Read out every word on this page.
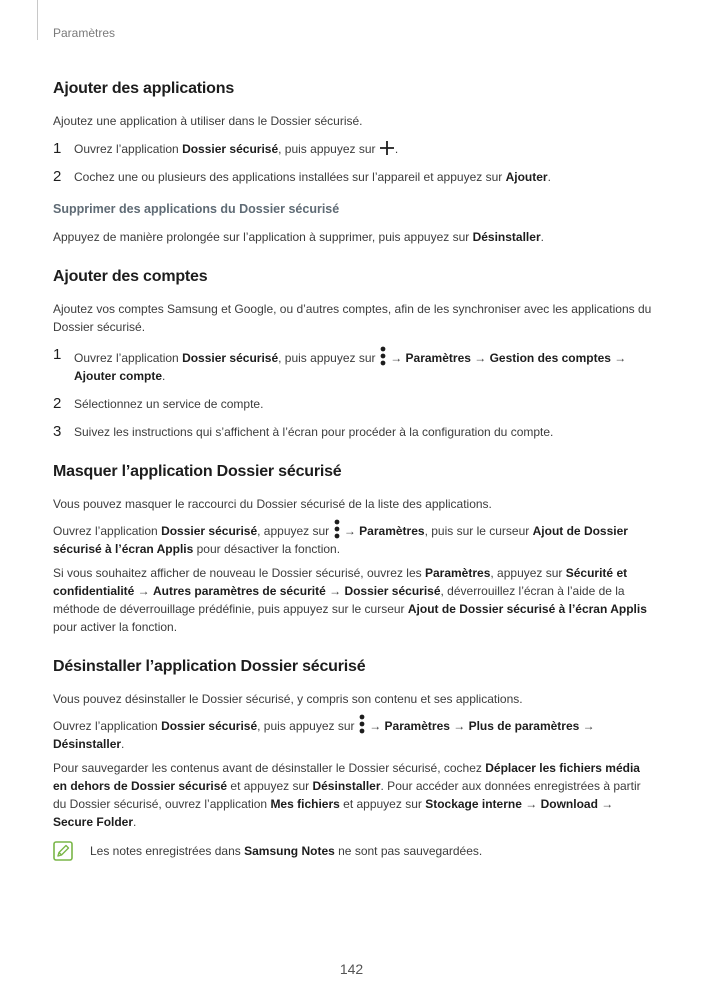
Paramètres
Ajouter des applications

Ajoutez une application à utiliser dans le Dossier sécurisé.

1	Ouvrez l’application Dossier sécurisé, puis appuyez sur .
2	Cochez une ou plusieurs des applications installées sur l’appareil et appuyez sur Ajouter.
Supprimer des applications du Dossier sécurisé

Appuyez de manière prolongée sur l’application à supprimer, puis appuyez sur Désinstaller.

Ajouter des comptes

Ajoutez vos comptes Samsung et Google, ou d’autres comptes, afin de les synchroniser avec les applications du Dossier sécurisé.

1	Ouvrez l’application Dossier sécurisé, puis appuyez sur  → Paramètres → Gestion des comptes → Ajouter compte.
2	Sélectionnez un service de compte.
3	Suivez les instructions qui s’affichent à l’écran pour procéder à la configuration du compte.
Masquer l’application Dossier sécurisé

Vous pouvez masquer le raccourci du Dossier sécurisé de la liste des applications.

Ouvrez l’application Dossier sécurisé, appuyez sur  → Paramètres, puis sur le curseur Ajout de Dossier sécurisé à l’écran Applis pour désactiver la fonction.

Si vous souhaitez afficher de nouveau le Dossier sécurisé, ouvrez les Paramètres, appuyez sur Sécurité et confidentialité → Autres paramètres de sécurité → Dossier sécurisé, déverrouillez l’écran à l’aide de la méthode de déverrouillage prédéfinie, puis appuyez sur le curseur Ajout de Dossier sécurisé à l’écran Applis pour activer la fonction.

Désinstaller l’application Dossier sécurisé

Vous pouvez désinstaller le Dossier sécurisé, y compris son contenu et ses applications.

Ouvrez l’application Dossier sécurisé, puis appuyez sur  → Paramètres → Plus de paramètres → Désinstaller.

Pour sauvegarder les contenus avant de désinstaller le Dossier sécurisé, cochez Déplacer les fichiers média en dehors de Dossier sécurisé et appuyez sur Désinstaller. Pour accéder aux données enregistrées à partir du Dossier sécurisé, ouvrez l’application Mes fichiers et appuyez sur Stockage interne → Download → Secure Folder.

Les notes enregistrées dans Samsung Notes ne sont pas sauvegardées.
142
